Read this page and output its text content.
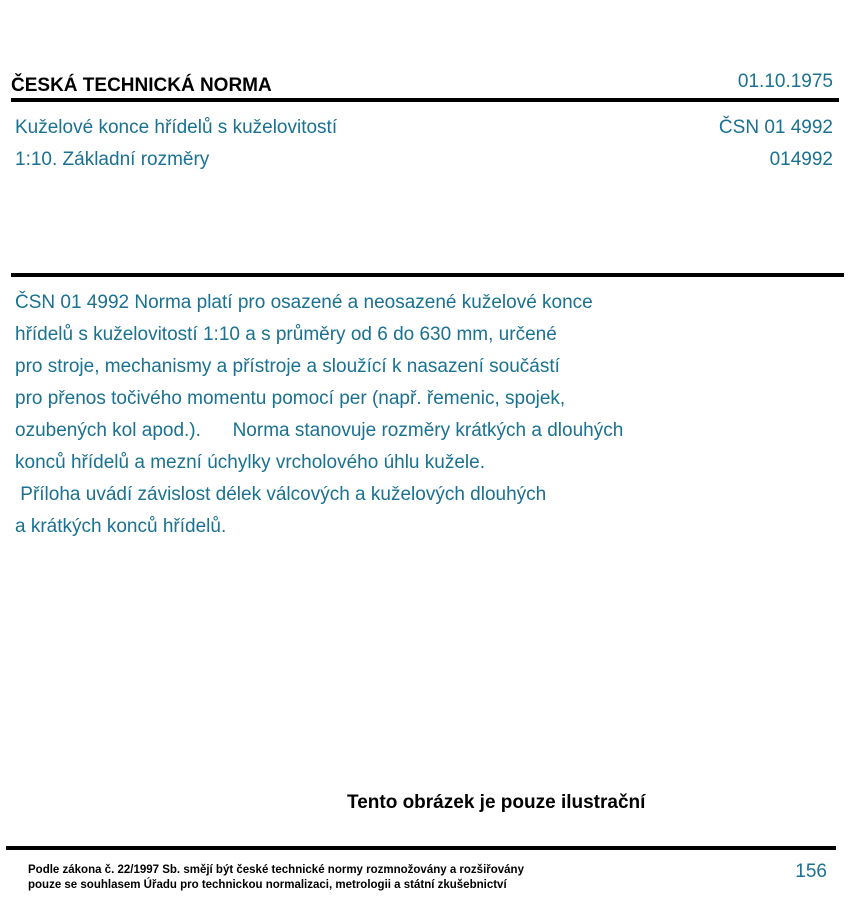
ČESKÁ TECHNICKÁ NORMA	01.10.1975
Kuželové konce hřídelů s kuželovitostí	ČSN 01 4992
1:10. Základní rozměry	014992
ČSN 01 4992 Norma platí pro osazené a neosazené kuželové konce
hřídelů s kuželovitostí 1:10 a s průměry od 6 do 630 mm, určené
pro stroje, mechanismy a přístroje a sloužící k nasazení součástí
pro přenos točivého momentu pomocí per (např. řemenic, spojek,
ozubených kol apod.).      Norma stanovuje rozměry krátkých a dlouhých
konců hřídelů a mezní úchylky vrcholového úhlu kužele.
Příloha uvádí závislost délek válcových a kuželových dlouhých
a krátkých konců hřídelů.
Tento obrázek je pouze ilustrační
Podle zákona č. 22/1997 Sb. smějí být české technické normy rozmnožovány a rozšiřovány
pouze se souhlasem Úřadu pro technickou normalizaci, metrologii a státní zkušebnictví
156
